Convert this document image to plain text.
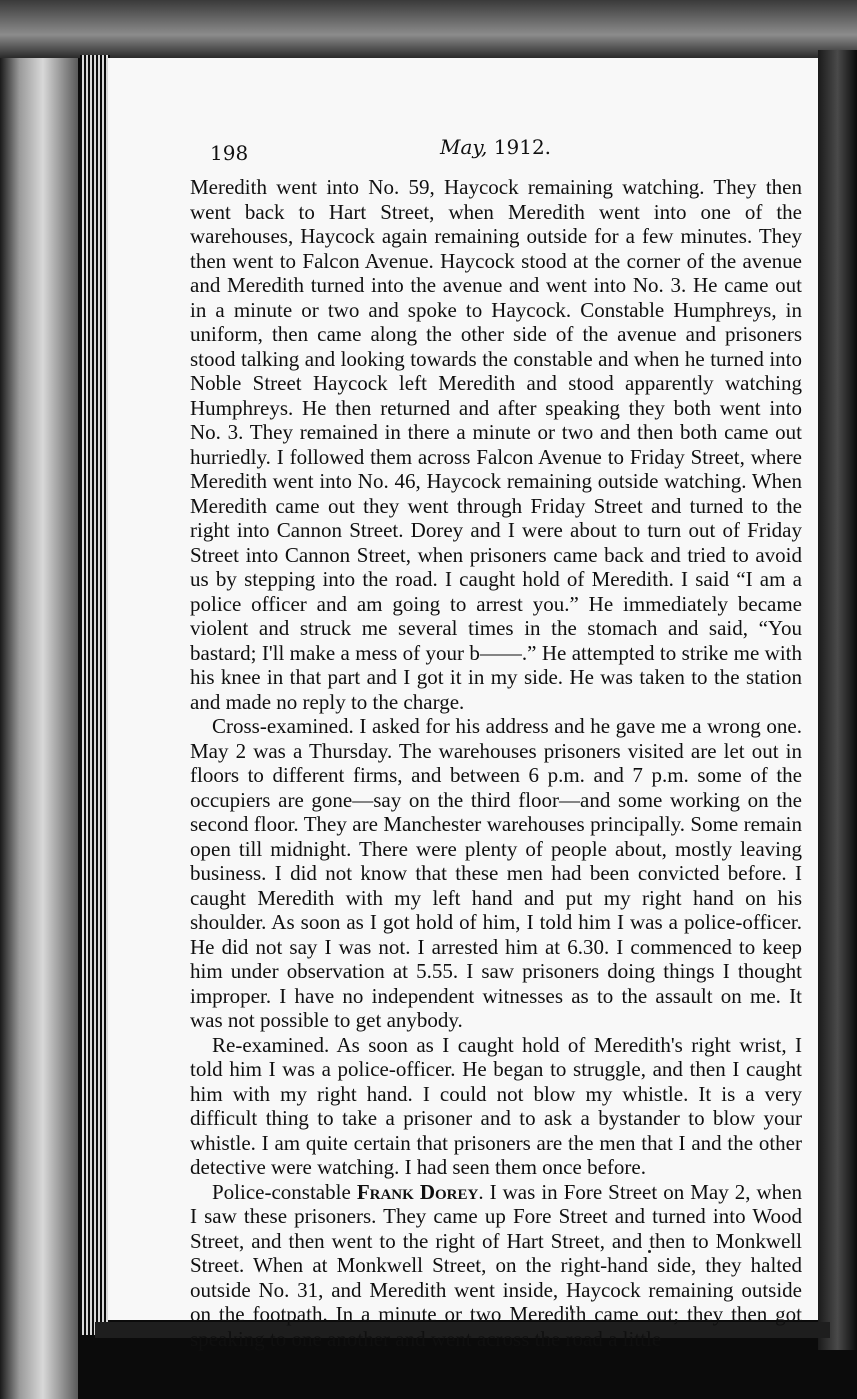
198	May, 1912.

Meredith went into No. 59, Haycock remaining watching. They then went back to Hart Street, when Meredith went into one of the warehouses, Haycock again remaining outside for a few minutes. They then went to Falcon Avenue. Haycock stood at the corner of the avenue and Meredith turned into the avenue and went into No. 3. He came out in a minute or two and spoke to Haycock. Constable Humphreys, in uniform, then came along the other side of the avenue and prisoners stood talking and looking towards the constable and when he turned into Noble Street Haycock left Meredith and stood apparently watching Humphreys. He then returned and after speaking they both went into No. 3. They remained in there a minute or two and then both came out hurriedly. I followed them across Falcon Avenue to Friday Street, where Meredith went into No. 46, Haycock remaining outside watching. When Meredith came out they went through Friday Street and turned to the right into Cannon Street. Dorey and I were about to turn out of Friday Street into Cannon Street, when prisoners came back and tried to avoid us by stepping into the road. I caught hold of Meredith. I said “I am a police officer and am going to arrest you.” He immediately became violent and struck me several times in the stomach and said, “You bastard; I'll make a mess of your b——.” He attempted to strike me with his knee in that part and I got it in my side. He was taken to the station and made no reply to the charge.

Cross-examined. I asked for his address and he gave me a wrong one. May 2 was a Thursday. The warehouses prisoners visited are let out in floors to different firms, and between 6 p.m. and 7 p.m. some of the occupiers are gone—say on the third floor—and some working on the second floor. They are Manchester warehouses principally. Some remain open till midnight. There were plenty of people about, mostly leaving business. I did not know that these men had been convicted before. I caught Meredith with my left hand and put my right hand on his shoulder. As soon as I got hold of him, I told him I was a police-officer. He did not say I was not. I arrested him at 6.30. I commenced to keep him under observation at 5.55. I saw prisoners doing things I thought improper. I have no independent witnesses as to the assault on me. It was not possible to get anybody.

Re-examined. As soon as I caught hold of Meredith's right wrist, I told him I was a police-officer. He began to struggle, and then I caught him with my right hand. I could not blow my whistle. It is a very difficult thing to take a prisoner and to ask a bystander to blow your whistle. I am quite certain that prisoners are the men that I and the other detective were watching. I had seen them once before.

Police-constable Frank Dorey. I was in Fore Street on May 2, when I saw these prisoners. They came up Fore Street and turned into Wood Street, and then went to the right of Hart Street, and then to Monkwell Street. When at Monkwell Street, on the right-hand side, they halted outside No. 31, and Meredith went inside, Haycock remaining outside on the footpath. In a minute or two Meredith came out; they then got speaking to one another and went across the road a little
